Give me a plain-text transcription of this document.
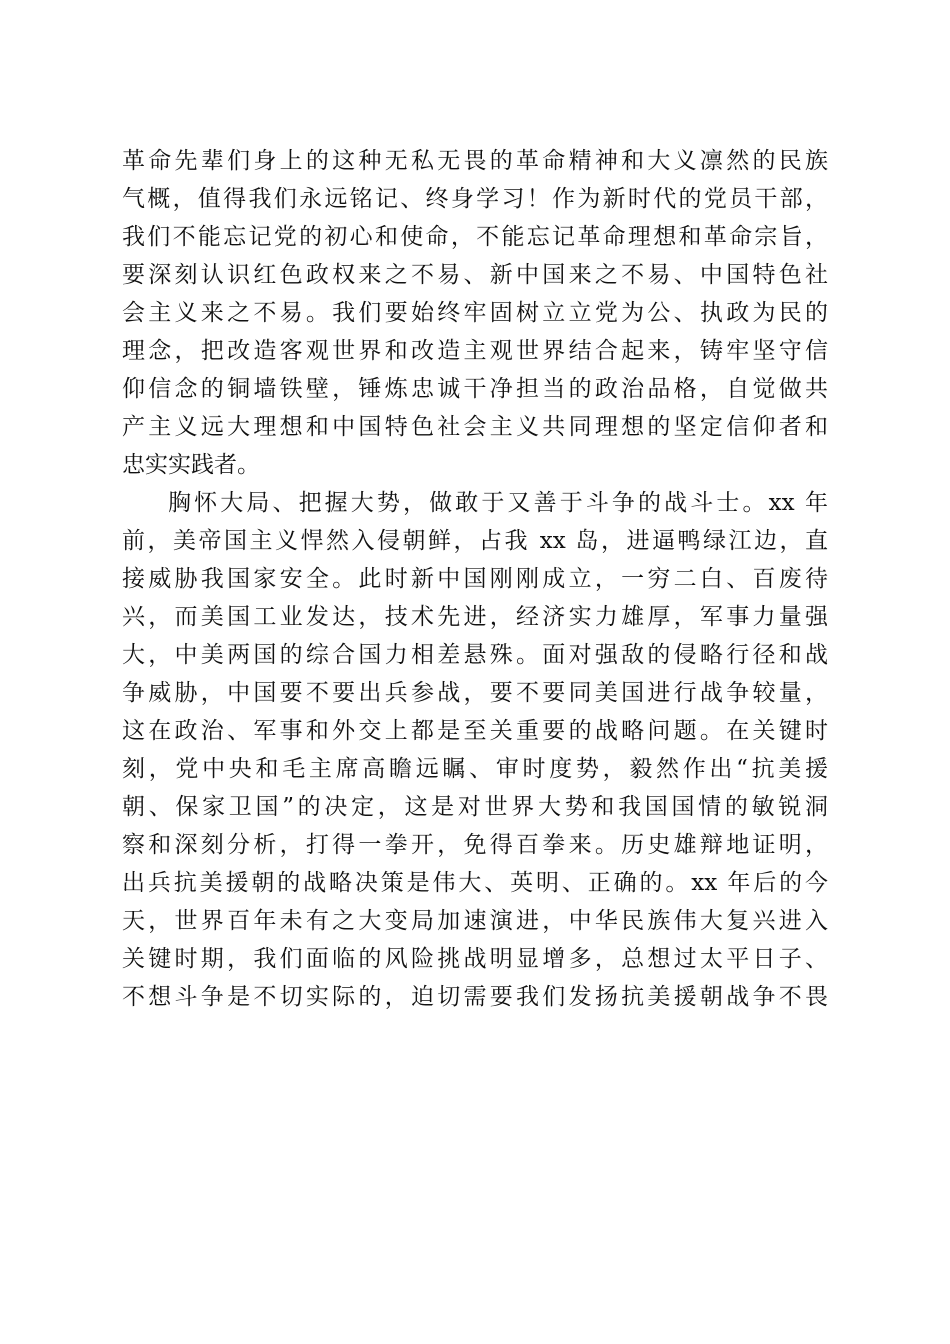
革命先辈们身上的这种无私无畏的革命精神和大义凛然的民族
气概，值得我们永远铭记、终身学习！作为新时代的党员干部，
我们不能忘记党的初心和使命，不能忘记革命理想和革命宗旨，
要深刻认识红色政权来之不易、新中国来之不易、中国特色社
会主义来之不易。我们要始终牢固树立立党为公、执政为民的
理念，把改造客观世界和改造主观世界结合起来，铸牢坚守信
仰信念的铜墙铁壁，锤炼忠诚干净担当的政治品格，自觉做共
产主义远大理想和中国特色社会主义共同理想的坚定信仰者和
忠实实践者。
胸怀大局、把握大势，做敢于又善于斗争的战斗士。xx 年
前，美帝国主义悍然入侵朝鲜，占我 xx 岛，进逼鸭绿江边，直
接威胁我国家安全。此时新中国刚刚成立，一穷二白、百废待
兴，而美国工业发达，技术先进，经济实力雄厚，军事力量强
大，中美两国的综合国力相差悬殊。面对强敌的侵略行径和战
争威胁，中国要不要出兵参战，要不要同美国进行战争较量，
这在政治、军事和外交上都是至关重要的战略问题。在关键时
刻，党中央和毛主席高瞻远瞩、审时度势，毅然作出“抗美援
朝、保家卫国”的决定，这是对世界大势和我国国情的敏锐洞
察和深刻分析，打得一拳开，免得百拳来。历史雄辩地证明，
出兵抗美援朝的战略决策是伟大、英明、正确的。xx 年后的今
天，世界百年未有之大变局加速演进，中华民族伟大复兴进入
关键时期，我们面临的风险挑战明显增多，总想过太平日子、
不想斗争是不切实际的，迫切需要我们发扬抗美援朝战争不畏
